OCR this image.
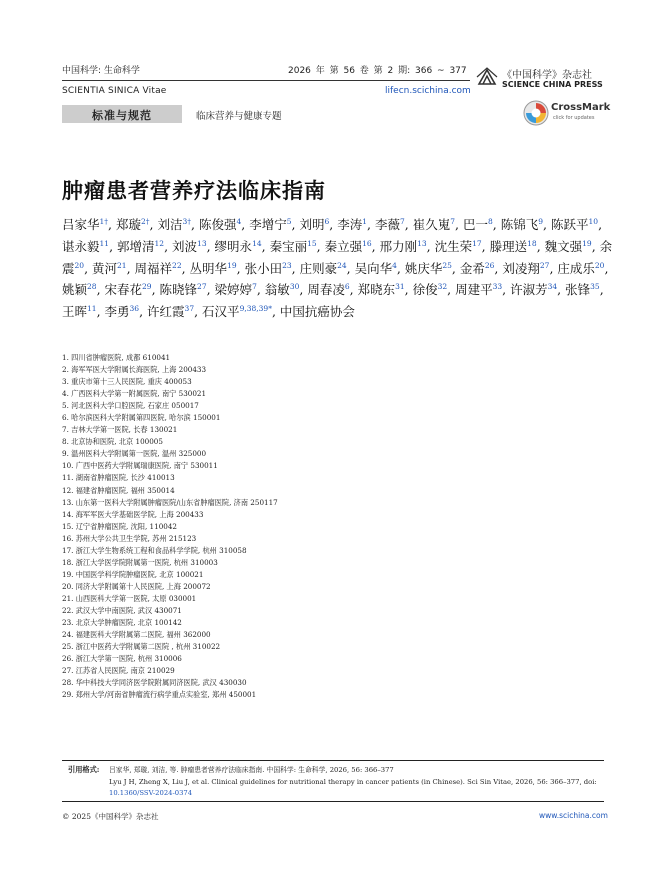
中国科学: 生命科学	2026 年 第 56 卷 第 2 期: 366 ~ 377
SCIENTIA SINICA Vitae	lifecn.scichina.com
《中国科学》杂志社
SCIENCE CHINA PRESS
CrossMark
click for updates
标准与规范	临床营养与健康专题
肿瘤患者营养疗法临床指南
吕家华$^{1\dagger}$, 郑璇$^{2\dagger}$, 刘洁$^{3\dagger}$, 陈俊强$^4$, 李增宁$^5$, 刘明$^6$, 李涛$^1$, 李薇$^7$, 崔久嵬$^7$, 巴一$^8$, 陈锦飞$^9$, 陈跃平$^{10}$, 谌永毅$^{11}$, 郭增清$^{12}$, 刘波$^{13}$, 缪明永$^{14}$, 秦宝丽$^{15}$, 秦立强$^{16}$, 邢力刚$^{13}$, 沈生荣$^{17}$, 滕理送$^{18}$, 魏文强$^{19}$, 余震$^{20}$, 黄河$^{21}$, 周福祥$^{22}$, 丛明华$^{19}$, 张小田$^{23}$, 庄则豪$^{24}$, 吴向华$^4$, 姚庆华$^{25}$, 金希$^{26}$, 刘凌翔$^{27}$, 庄成乐$^{20}$, 姚颖$^{28}$, 宋春花$^{29}$, 陈晓锋$^{27}$, 梁婷婷$^7$, 翁敏$^{30}$, 周春凌$^6$, 郑晓东$^{31}$, 徐俊$^{32}$, 周建平$^{33}$, 许淑芳$^{34}$, 张锋$^{35}$, 王晖$^{11}$, 李勇$^{36}$, 许红霞$^{37}$, 石汉平$^{9,38,39*}$, 中国抗癌协会
1. 四川省肿瘤医院, 成都 610041
2. 海军军医大学附属长海医院, 上海 200433
3. 重庆市第十三人民医院, 重庆 400053
4. 广西医科大学第一附属医院, 南宁 530021
5. 河北医科大学口腔医院, 石家庄 050017
6. 哈尔滨医科大学附属第四医院, 哈尔滨 150001
7. 吉林大学第一医院, 长春 130021
8. 北京协和医院, 北京 100005
9. 温州医科大学附属第一医院, 温州 325000
10. 广西中医药大学附属瑞康医院, 南宁 530011
11. 湖南省肿瘤医院, 长沙 410013
12. 福建省肿瘤医院, 福州 350014
13. 山东第一医科大学附属肿瘤医院/山东省肿瘤医院, 济南 250117
14. 海军军医大学基础医学院, 上海 200433
15. 辽宁省肿瘤医院, 沈阳, 110042
16. 苏州大学公共卫生学院, 苏州 215123
17. 浙江大学生物系统工程和食品科学学院, 杭州 310058
18. 浙江大学医学院附属第一医院, 杭州 310003
19. 中国医学科学院肿瘤医院, 北京 100021
20. 同济大学附属第十人民医院, 上海 200072
21. 山西医科大学第一医院, 太原 030001
22. 武汉大学中南医院, 武汉 430071
23. 北京大学肿瘤医院, 北京 100142
24. 福建医科大学附属第二医院, 福州 362000
25. 浙江中医药大学附属第二医院 , 杭州 310022
26. 浙江大学第一医院, 杭州 310006
27. 江苏省人民医院, 南京 210029
28. 华中科技大学同济医学院附属同济医院, 武汉 430030
29. 郑州大学/河南省肿瘤流行病学重点实验室, 郑州 450001
引用格式: 吕家华, 郑璇, 刘洁, 等. 肿瘤患者营养疗法临床指南. 中国科学: 生命科学, 2026, 56: 366–377
Lyu J H, Zheng X, Liu J, et al. Clinical guidelines for nutritional therapy in cancer patients (in Chinese). Sci Sin Vitae, 2026, 56: 366–377, doi: 10.1360/SSV-2024-0374
© 2025《中国科学》杂志社	www.scichina.com
